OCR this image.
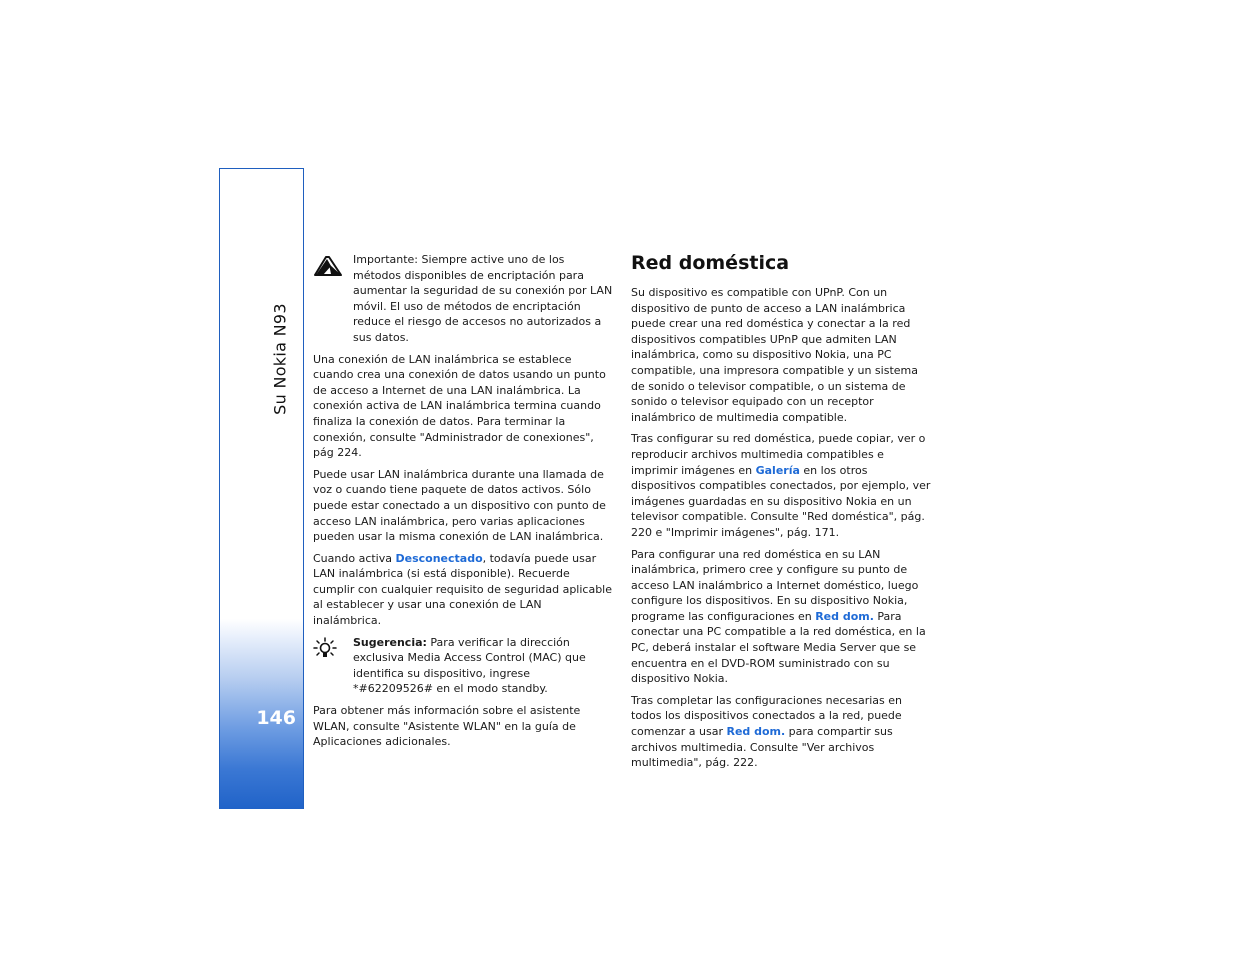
Su Nokia N93
146
Importante: Siempre active uno de los métodos disponibles de encriptación para aumentar la seguridad de su conexión por LAN móvil. El uso de métodos de encriptación reduce el riesgo de accesos no autorizados a sus datos.

Una conexión de LAN inalámbrica se establece cuando crea una conexión de datos usando un punto de acceso a Internet de una LAN inalámbrica. La conexión activa de LAN inalámbrica termina cuando finaliza la conexión de datos. Para terminar la conexión, consulte "Administrador de conexiones", pág 224.

Puede usar LAN inalámbrica durante una llamada de voz o cuando tiene paquete de datos activos. Sólo puede estar conectado a un dispositivo con punto de acceso LAN inalámbrica, pero varias aplicaciones pueden usar la misma conexión de LAN inalámbrica.

Cuando activa Desconectado, todavía puede usar LAN inalámbrica (si está disponible). Recuerde cumplir con cualquier requisito de seguridad aplicable al establecer y usar una conexión de LAN inalámbrica.

Sugerencia: Para verificar la dirección exclusiva Media Access Control (MAC) que identifica su dispositivo, ingrese *#62209526# en el modo standby.

Para obtener más información sobre el asistente WLAN, consulte "Asistente WLAN" en la guía de Aplicaciones adicionales.

Red doméstica

Su dispositivo es compatible con UPnP. Con un dispositivo de punto de acceso a LAN inalámbrica puede crear una red doméstica y conectar a la red dispositivos compatibles UPnP que admiten LAN inalámbrica, como su dispositivo Nokia, una PC compatible, una impresora compatible y un sistema de sonido o televisor compatible, o un sistema de sonido o televisor equipado con un receptor inalámbrico de multimedia compatible.

Tras configurar su red doméstica, puede copiar, ver o reproducir archivos multimedia compatibles e imprimir imágenes en Galería en los otros dispositivos compatibles conectados, por ejemplo, ver imágenes guardadas en su dispositivo Nokia en un televisor compatible. Consulte "Red doméstica", pág. 220 e "Imprimir imágenes", pág. 171.

Para configurar una red doméstica en su LAN inalámbrica, primero cree y configure su punto de acceso LAN inalámbrico a Internet doméstico, luego configure los dispositivos. En su dispositivo Nokia, programe las configuraciones en Red dom. Para conectar una PC compatible a la red doméstica, en la PC, deberá instalar el software Media Server que se encuentra en el DVD-ROM suministrado con su dispositivo Nokia.

Tras completar las configuraciones necesarias en todos los dispositivos conectados a la red, puede comenzar a usar Red dom. para compartir sus archivos multimedia. Consulte "Ver archivos multimedia", pág. 222.
